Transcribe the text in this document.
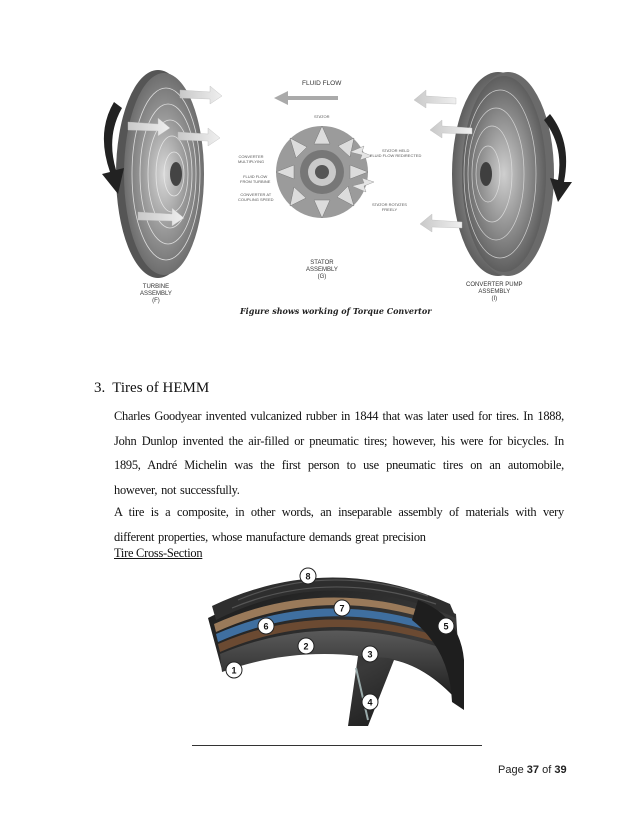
FLUID FLOW
STATOR
STATOR HELD
FLUID FLOW REDIRECTED
CONVERTER
MULTIPLYING
FLUID FLOW
FROM TURBINE
CONVERTER AT
COUPLING SPEED
STATOR ROTATES
FREELY
STATOR
ASSEMBLY
(G)
TURBINE
ASSEMBLY
(F)
CONVERTER PUMP
ASSEMBLY
(I)
Figure shows working of Torque Convertor
3. Tires of HEMM

Charles Goodyear invented vulcanized rubber in 1844 that was later used for tires. In 1888, John Dunlop invented the air-filled or pneumatic tires; however, his were for bicycles. In 1895, André Michelin was the first person to use pneumatic tires on an automobile, however, not successfully.

A tire is a composite, in other words, an inseparable assembly of materials with very different properties, whose manufacture demands great precision

Tire Cross-Section
1
2
3
4
5
6
7
8
Page 37 of 39
